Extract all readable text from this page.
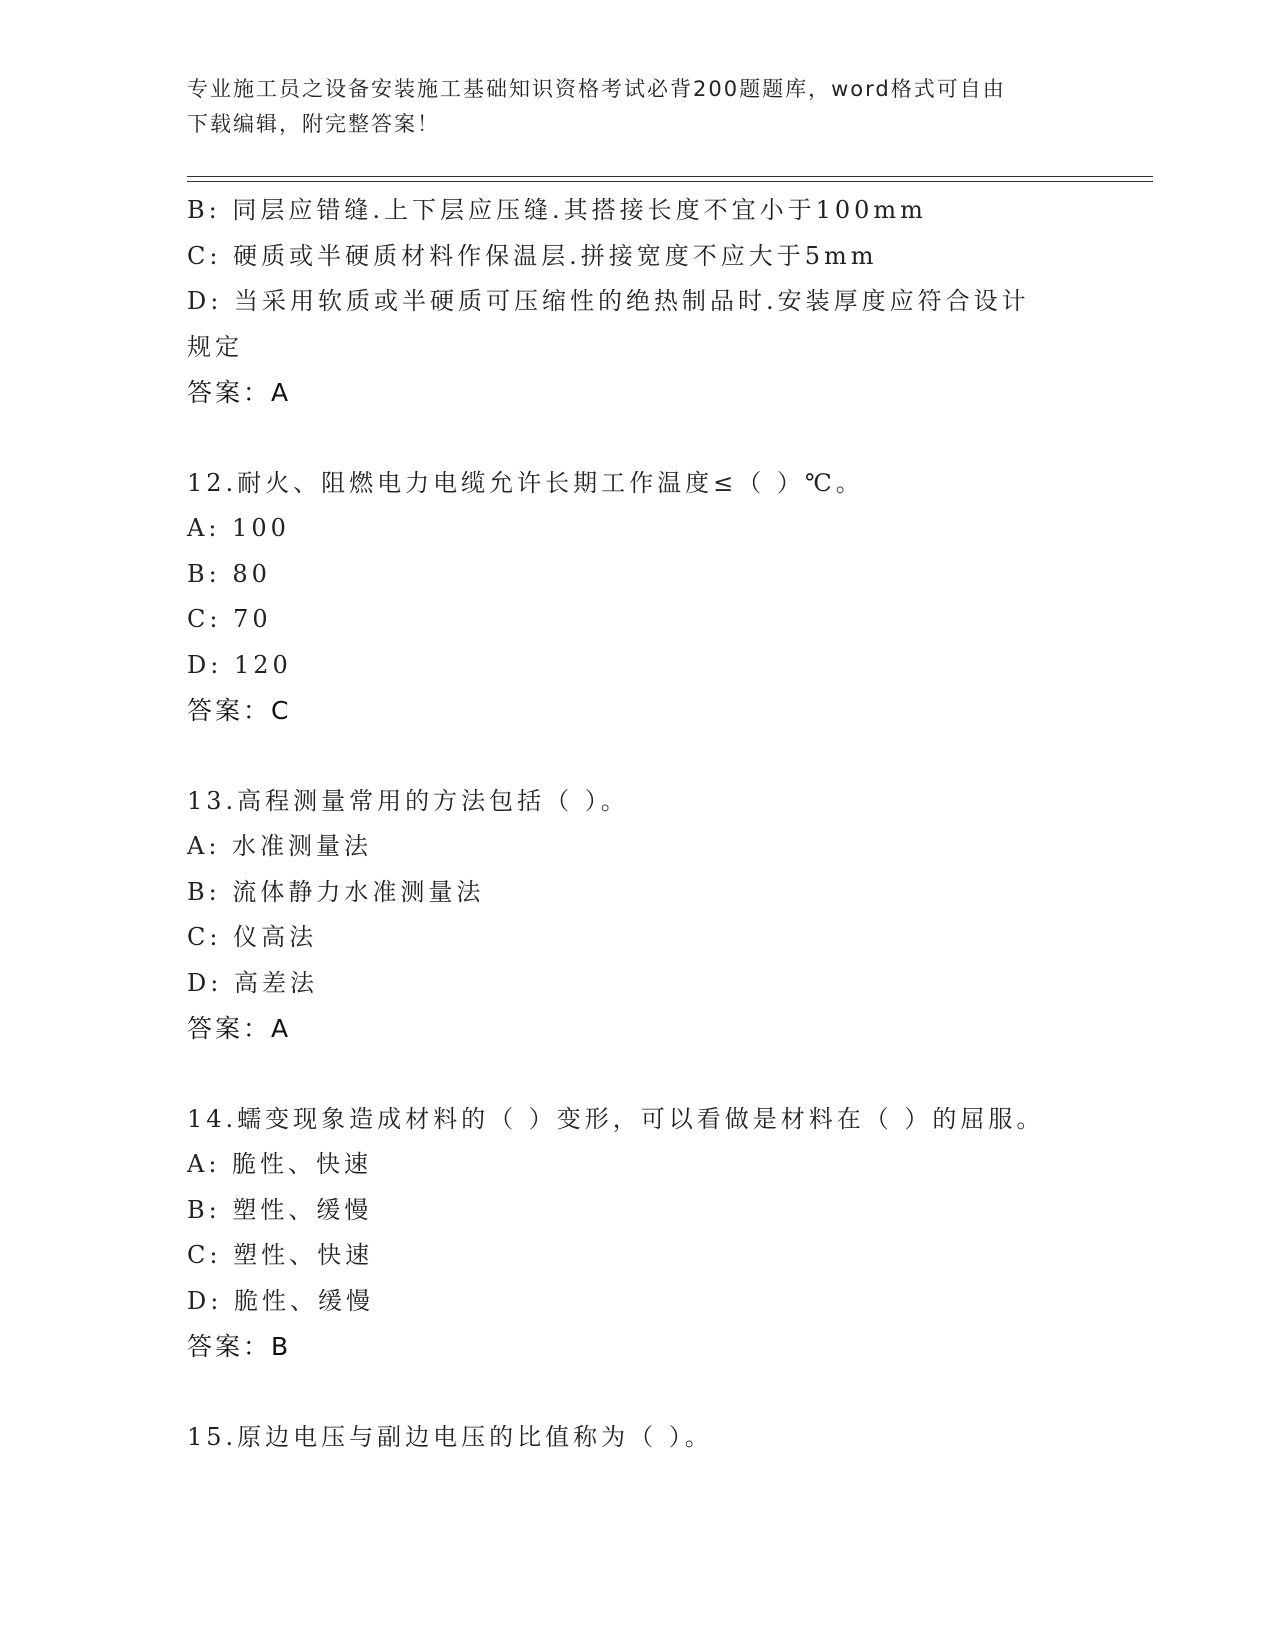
专业施工员之设备安装施工基础知识资格考试必背200题题库，word格式可自由
下载编辑，附完整答案！
B: 同层应错缝.上下层应压缝.其搭接长度不宜小于100mm
C: 硬质或半硬质材料作保温层.拼接宽度不应大于5mm
D: 当采用软质或半硬质可压缩性的绝热制品时.安装厚度应符合设计规定
答案：A
12.耐火、阻燃电力电缆允许长期工作温度≤（ ）℃。
A: 100
B: 80
C: 70
D: 120
答案：C
13.高程测量常用的方法包括（ ）。
A: 水准测量法
B: 流体静力水准测量法
C: 仪高法
D: 高差法
答案：A
14.蠕变现象造成材料的（ ）变形，可以看做是材料在（ ）的屈服。
A: 脆性、快速
B: 塑性、缓慢
C: 塑性、快速
D: 脆性、缓慢
答案：B
15.原边电压与副边电压的比值称为（ ）。
